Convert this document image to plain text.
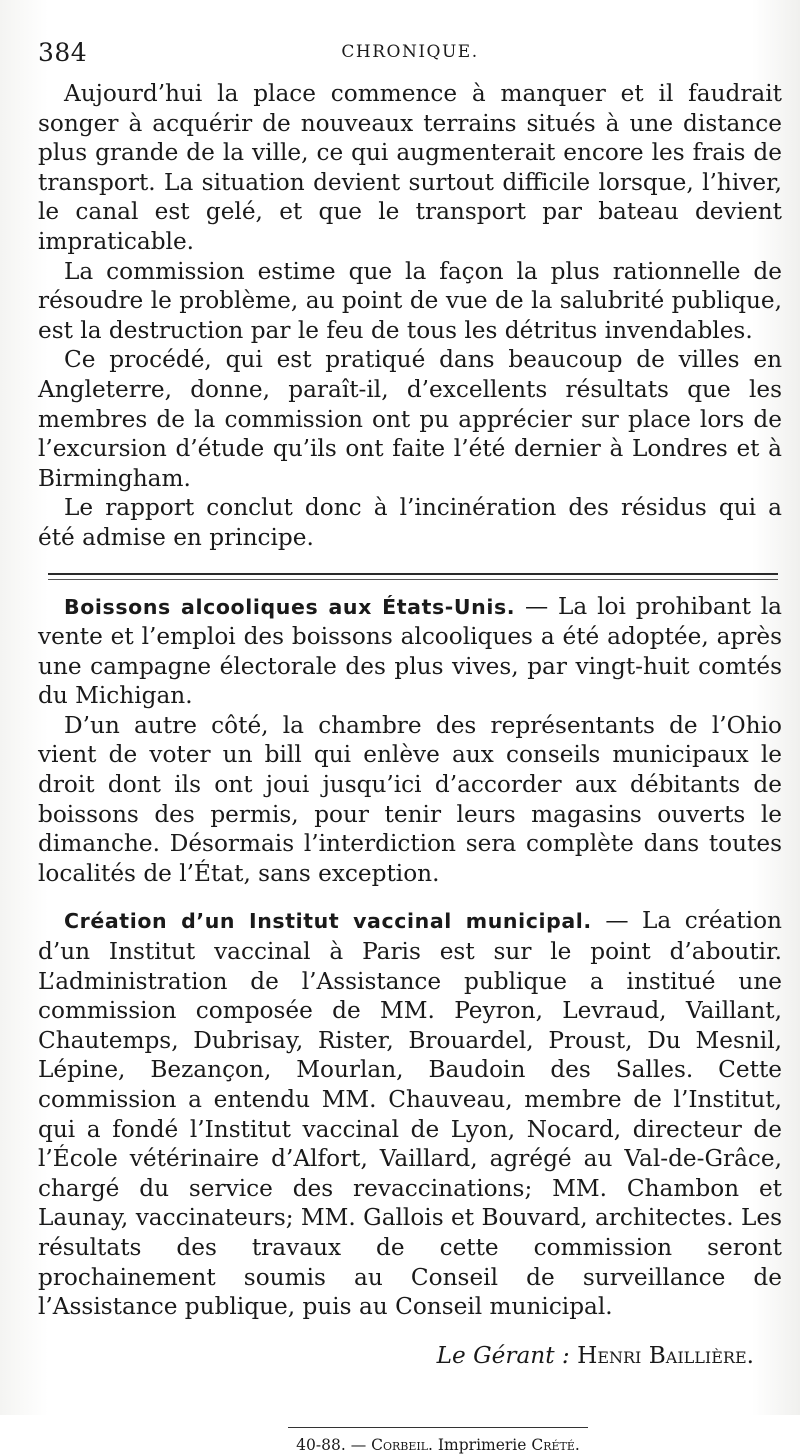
384	CHRONIQUE.

Aujourd’hui la place commence à manquer et il faudrait songer à acquérir de nouveaux terrains situés à une distance plus grande de la ville, ce qui augmenterait encore les frais de transport. La situation devient surtout difficile lorsque, l’hiver, le canal est gelé, et que le transport par bateau devient impraticable.

La commission estime que la façon la plus rationnelle de résoudre le problème, au point de vue de la salubrité publique, est la destruction par le feu de tous les détritus invendables.

Ce procédé, qui est pratiqué dans beaucoup de villes en Angleterre, donne, paraît-il, d’excellents résultats que les membres de la commission ont pu apprécier sur place lors de l’excursion d’étude qu’ils ont faite l’été dernier à Londres et à Birmingham.

Le rapport conclut donc à l’incinération des résidus qui a été admise en principe.

Boissons alcooliques aux États-Unis. — La loi prohibant la vente et l’emploi des boissons alcooliques a été adoptée, après une campagne électorale des plus vives, par vingt-huit comtés du Michigan.

D’un autre côté, la chambre des représentants de l’Ohio vient de voter un bill qui enlève aux conseils municipaux le droit dont ils ont joui jusqu’ici d’accorder aux débitants de boissons des permis, pour tenir leurs magasins ouverts le dimanche. Désormais l’interdiction sera complète dans toutes localités de l’État, sans exception.

Création d’un Institut vaccinal municipal. — La création d’un Institut vaccinal à Paris est sur le point d’aboutir. L’administration de l’Assistance publique a institué une commission composée de MM. Peyron, Levraud, Vaillant, Chautemps, Dubrisay, Rister, Brouardel, Proust, Du Mesnil, Lépine, Bezançon, Mourlan, Baudoin des Salles. Cette commission a entendu MM. Chauveau, membre de l’Institut, qui a fondé l’Institut vaccinal de Lyon, Nocard, directeur de l’École vétérinaire d’Alfort, Vaillard, agrégé au Val-de-Grâce, chargé du service des revaccinations; MM. Chambon et Launay, vaccinateurs; MM. Gallois et Bouvard, architectes. Les résultats des travaux de cette commission seront prochainement soumis au Conseil de surveillance de l’Assistance publique, puis au Conseil municipal.

Le Gérant : Henri Baillière.
40-88. — Corbeil. Imprimerie Crété.
